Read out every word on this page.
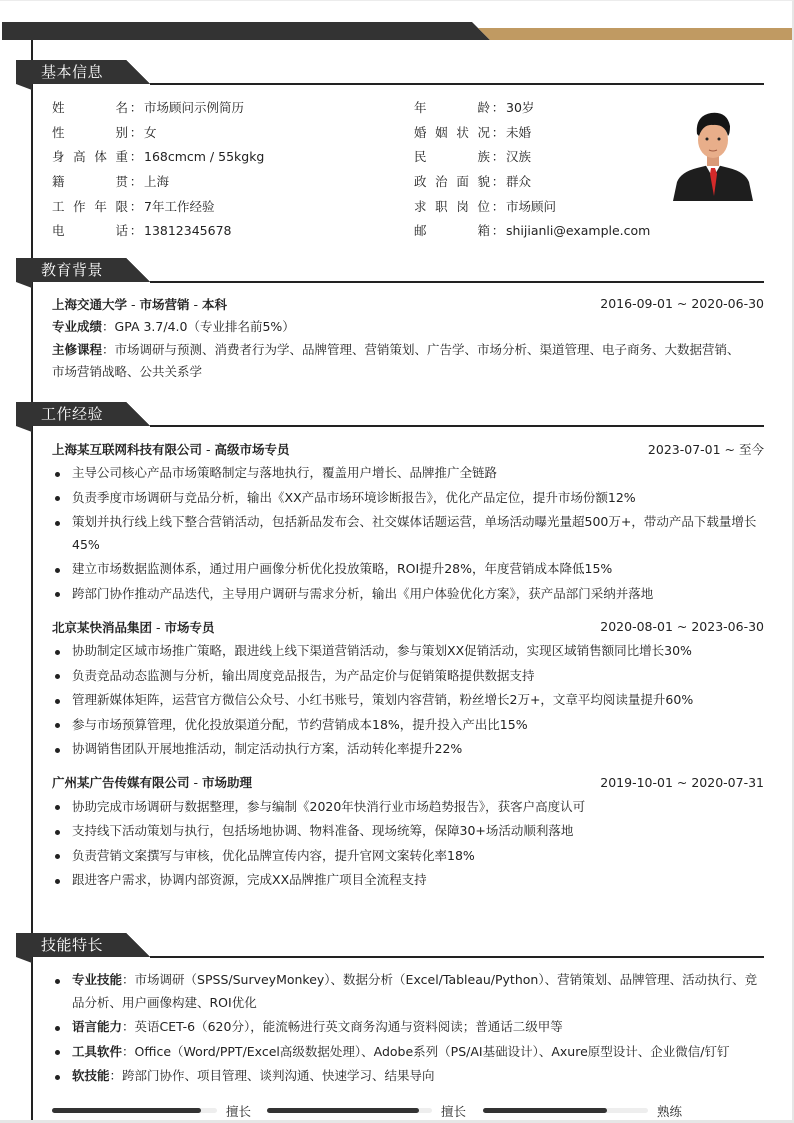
基本信息
姓	名 ： 市场顾问示例简历
性	别 ： 女
身 高 体 重 ： 168cmcm / 55kgkg
籍	贯 ： 上海
工 作 年 限 ： 7年工作经验
电	话 ： 13812345678
年	龄 ： 30岁
婚 姻 状 况 ： 未婚
民	族 ： 汉族
政 治 面 貌 ： 群众
求 职 岗 位 ： 市场顾问
邮	箱 ： shijianli@example.com
教育背景
上海交通大学 - 市场营销 - 本科	2016-09-01 ~ 2020-06-30
专业成绩：GPA 3.7/4.0（专业排名前5%）
主修课程：市场调研与预测、消费者行为学、品牌管理、营销策划、广告学、市场分析、渠道管理、电子商务、大数据营销、
市场营销战略、公共关系学
工作经验
上海某互联网科技有限公司 - 高级市场专员	2023-07-01 ~ 至今
主导公司核心产品市场策略制定与落地执行，覆盖用户增长、品牌推广全链路
负责季度市场调研与竞品分析，输出《XX产品市场环境诊断报告》，优化产品定位，提升市场份额12%
策划并执行线上线下整合营销活动，包括新品发布会、社交媒体话题运营，单场活动曝光量超500万+，带动产品下载量增长45%
建立市场数据监测体系，通过用户画像分析优化投放策略，ROI提升28%，年度营销成本降低15%
跨部门协作推动产品迭代，主导用户调研与需求分析，输出《用户体验优化方案》，获产品部门采纳并落地
北京某快消品集团 - 市场专员	2020-08-01 ~ 2023-06-30
协助制定区域市场推广策略，跟进线上线下渠道营销活动，参与策划XX促销活动，实现区域销售额同比增长30%
负责竞品动态监测与分析，输出周度竞品报告，为产品定价与促销策略提供数据支持
管理新媒体矩阵，运营官方微信公众号、小红书账号，策划内容营销，粉丝增长2万+，文章平均阅读量提升60%
参与市场预算管理，优化投放渠道分配，节约营销成本18%，提升投入产出比15%
协调销售团队开展地推活动，制定活动执行方案，活动转化率提升22%
广州某广告传媒有限公司 - 市场助理	2019-10-01 ~ 2020-07-31
协助完成市场调研与数据整理，参与编制《2020年快消行业市场趋势报告》，获客户高度认可
支持线下活动策划与执行，包括场地协调、物料准备、现场统筹，保障30+场活动顺利落地
负责营销文案撰写与审核，优化品牌宣传内容，提升官网文案转化率18%
跟进客户需求，协调内部资源，完成XX品牌推广项目全流程支持
技能特长
专业技能：市场调研（SPSS/SurveyMonkey）、数据分析（Excel/Tableau/Python）、营销策划、品牌管理、活动执行、竞品分析、用户画像构建、ROI优化
语言能力：英语CET-6（620分），能流畅进行英文商务沟通与资料阅读；普通话二级甲等
工具软件：Office（Word/PPT/Excel高级数据处理）、Adobe系列（PS/AI基础设计）、Axure原型设计、企业微信/钉钉
软技能：跨部门协作、项目管理、谈判沟通、快速学习、结果导向
擅长	擅长	熟练
